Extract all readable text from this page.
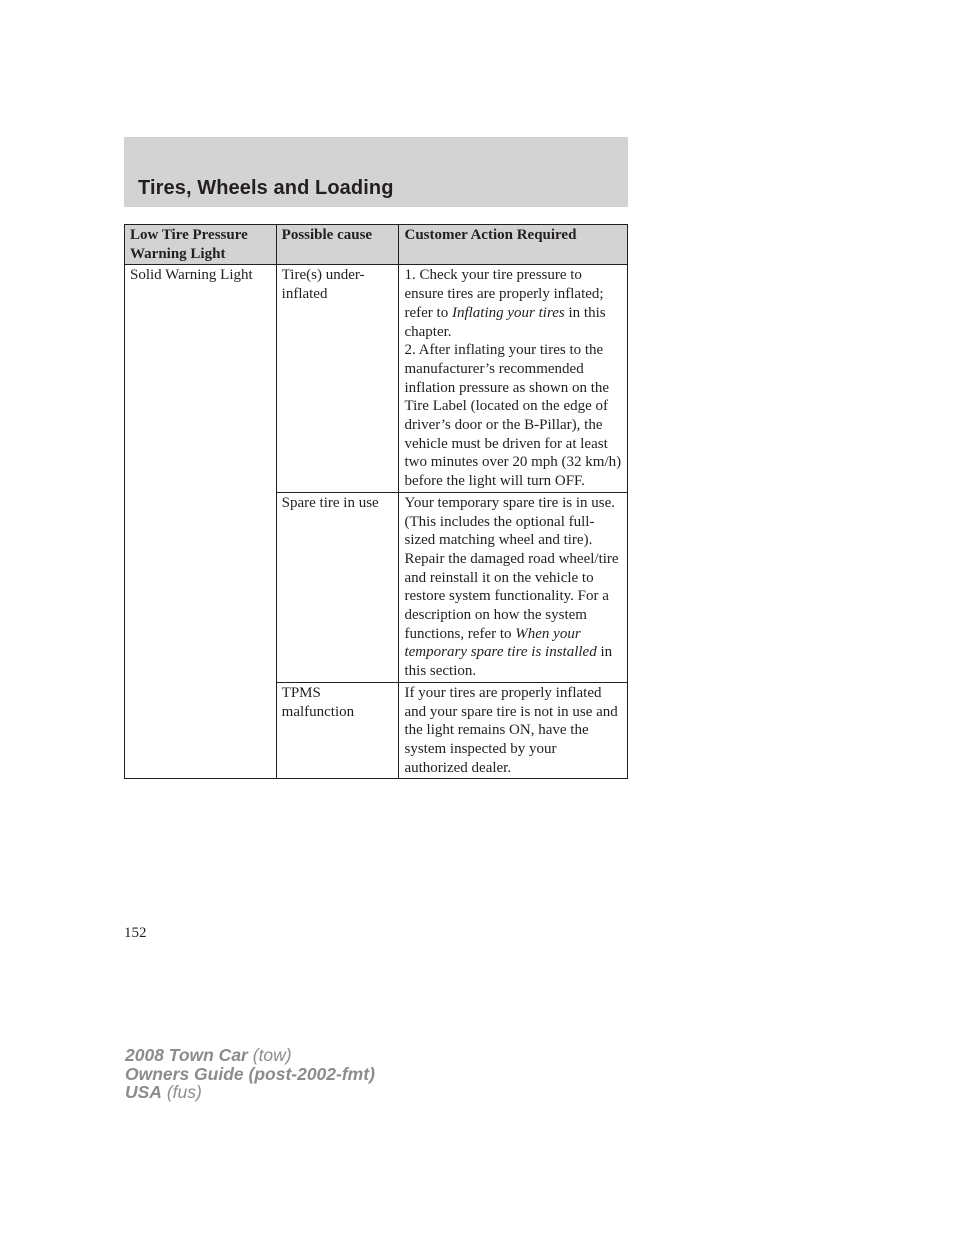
Tires, Wheels and Loading
Low Tire Pressure Warning Light	Possible cause	Customer Action Required
Solid Warning Light	Tire(s) under-inflated	1. Check your tire pressure to ensure tires are properly inflated; refer to Inflating your tires in this chapter.
2. After inflating your tires to the manufacturer’s recommended inflation pressure as shown on the Tire Label (located on the edge of driver’s door or the B-Pillar), the vehicle must be driven for at least two minutes over 20 mph (32 km/h) before the light will turn OFF.
	Spare tire in use	Your temporary spare tire is in use. (This includes the optional full-sized matching wheel and tire). Repair the damaged road wheel/tire and reinstall it on the vehicle to restore system functionality. For a description on how the system functions, refer to When your temporary spare tire is installed in this section.
	TPMS malfunction	If your tires are properly inflated and your spare tire is not in use and the light remains ON, have the system inspected by your authorized dealer.
152
2008 Town Car (tow)
Owners Guide (post-2002-fmt)
USA (fus)
